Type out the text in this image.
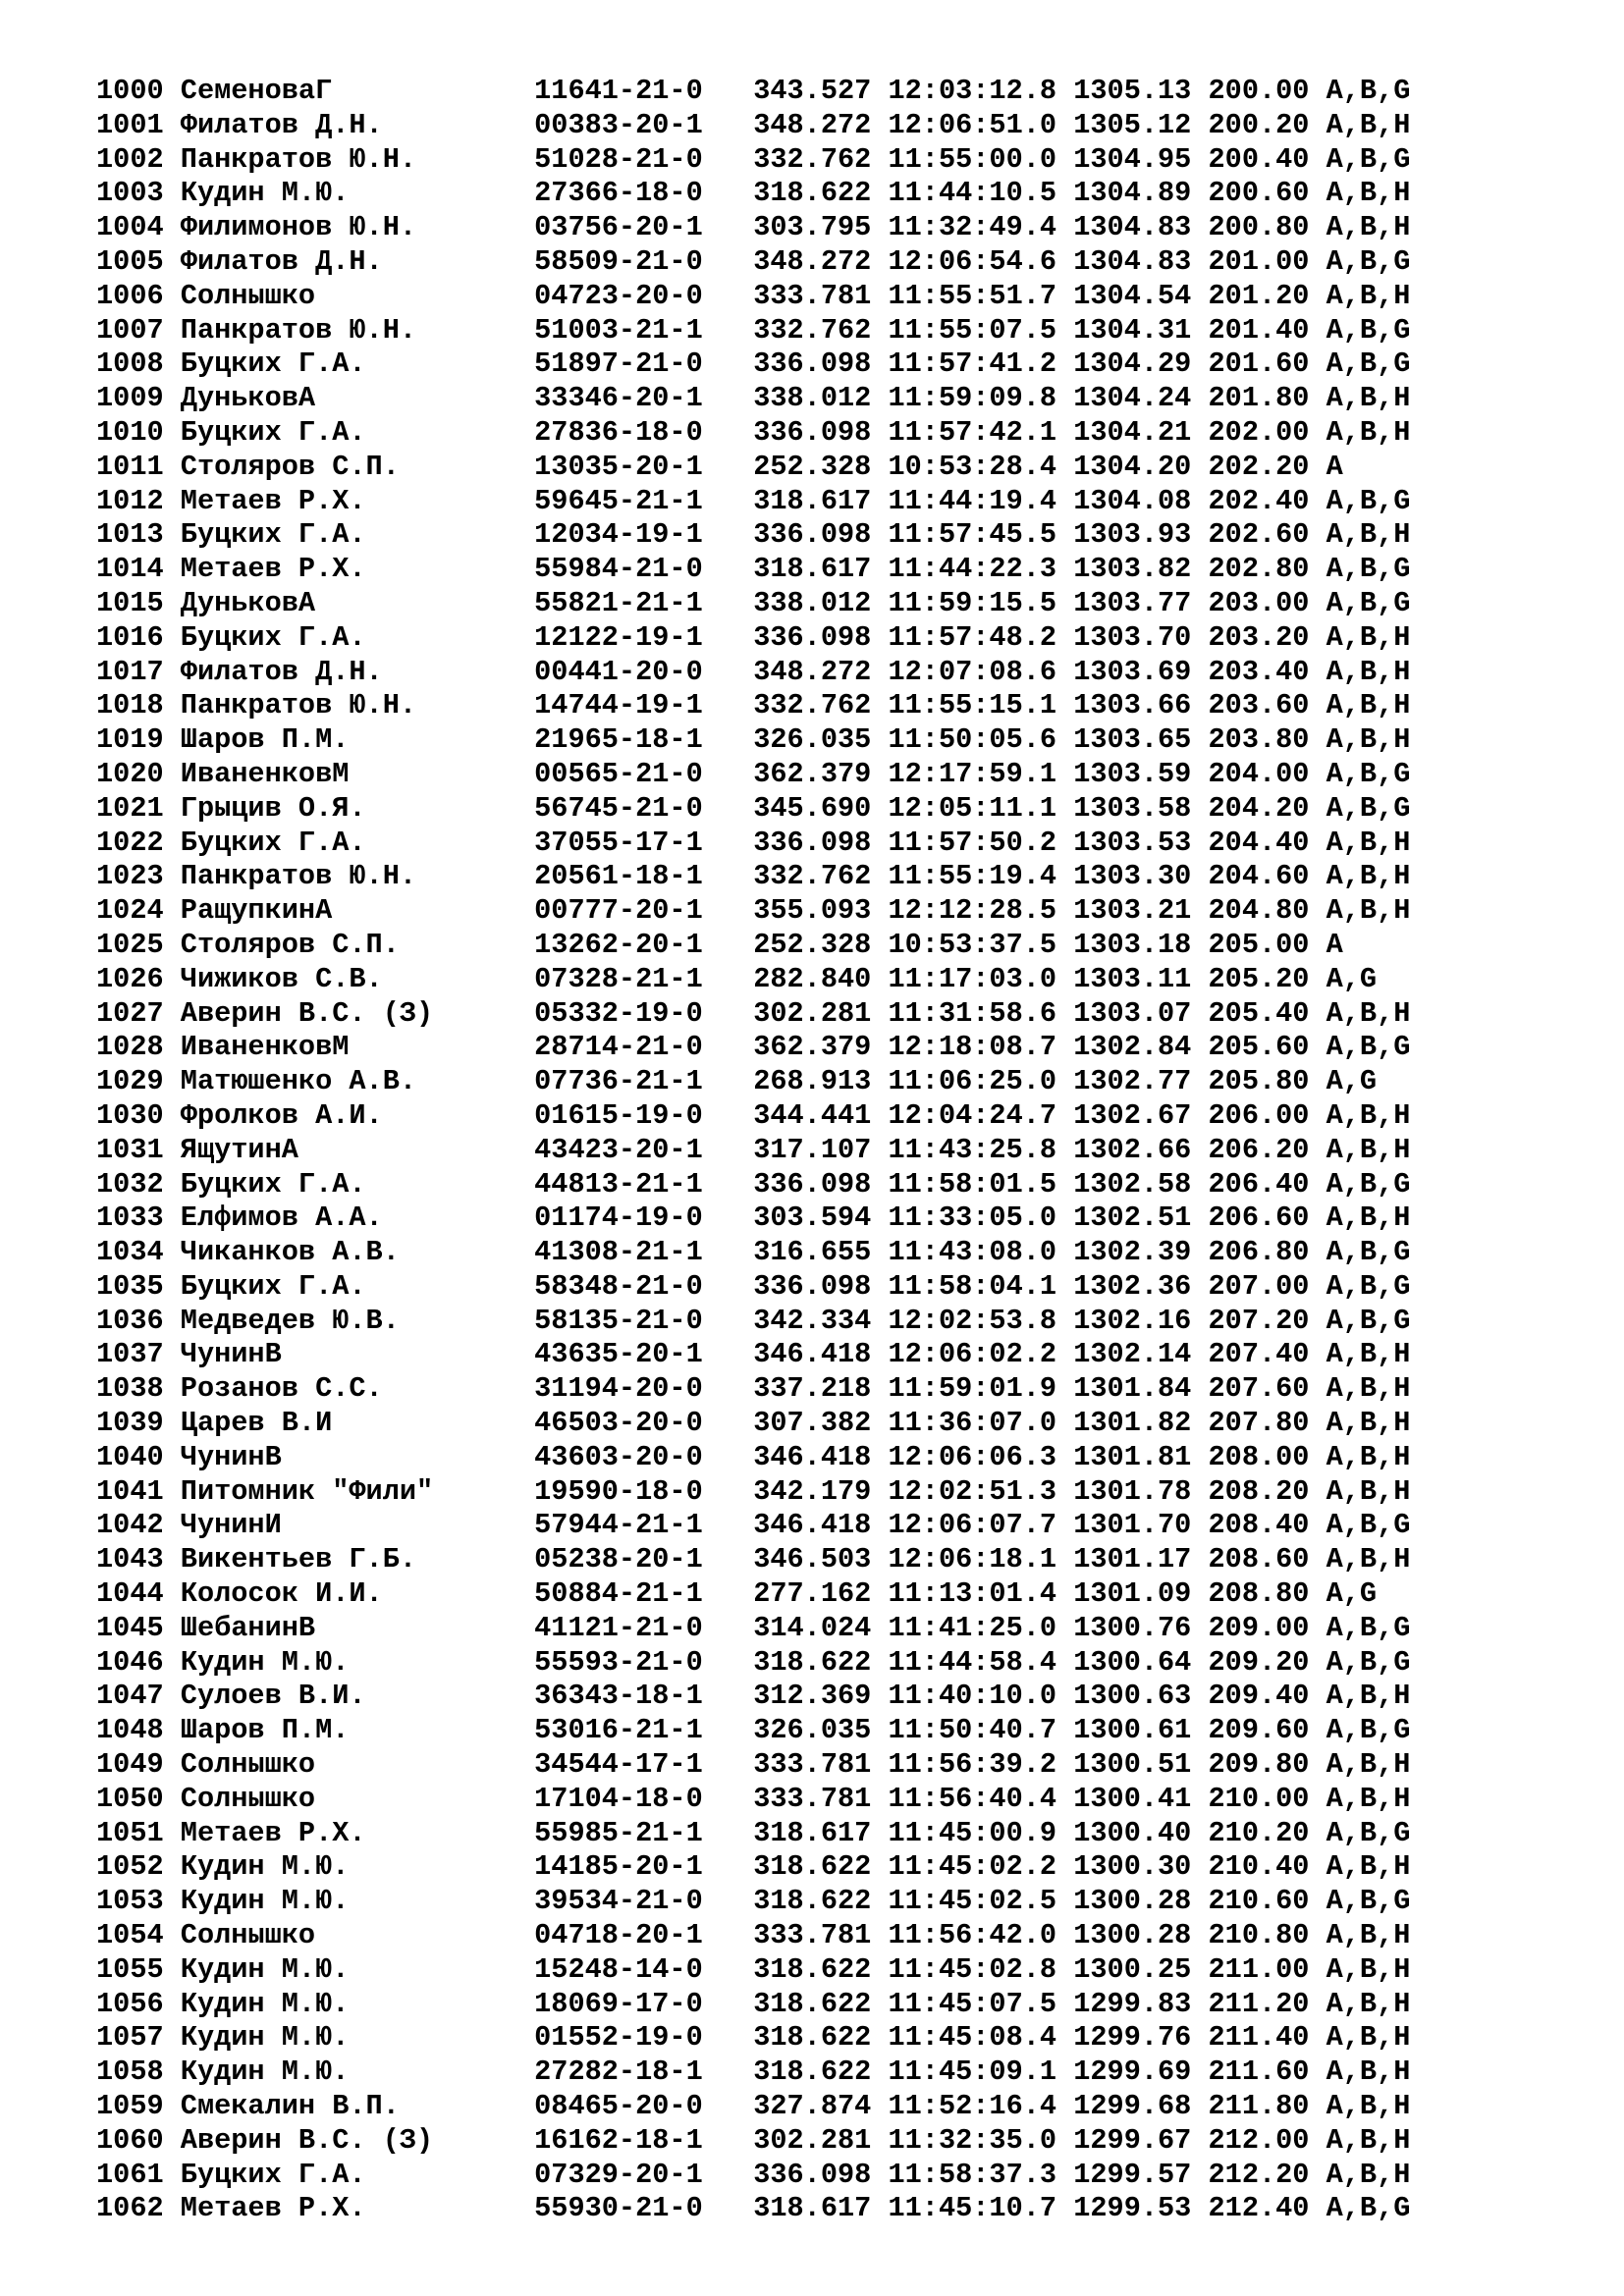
1000 СеменоваГ            11641-21-0   343.527 12:03:12.8 1305.13 200.00 A,B,G
1001 Филатов Д.Н.         00383-20-1   348.272 12:06:51.0 1305.12 200.20 A,B,H
1002 Панкратов Ю.Н.       51028-21-0   332.762 11:55:00.0 1304.95 200.40 A,B,G
1003 Кудин М.Ю.           27366-18-0   318.622 11:44:10.5 1304.89 200.60 A,B,H
1004 Филимонов Ю.Н.       03756-20-1   303.795 11:32:49.4 1304.83 200.80 A,B,H
1005 Филатов Д.Н.         58509-21-0   348.272 12:06:54.6 1304.83 201.00 A,B,G
1006 Солнышко             04723-20-0   333.781 11:55:51.7 1304.54 201.20 A,B,H
1007 Панкратов Ю.Н.       51003-21-1   332.762 11:55:07.5 1304.31 201.40 A,B,G
1008 Буцких Г.А.          51897-21-0   336.098 11:57:41.2 1304.29 201.60 A,B,G
1009 ДуньковА             33346-20-1   338.012 11:59:09.8 1304.24 201.80 A,B,H
1010 Буцких Г.А.          27836-18-0   336.098 11:57:42.1 1304.21 202.00 A,B,H
1011 Столяров С.П.        13035-20-1   252.328 10:53:28.4 1304.20 202.20 A
1012 Метаев Р.Х.          59645-21-1   318.617 11:44:19.4 1304.08 202.40 A,B,G
1013 Буцких Г.А.          12034-19-1   336.098 11:57:45.5 1303.93 202.60 A,B,H
1014 Метаев Р.Х.          55984-21-0   318.617 11:44:22.3 1303.82 202.80 A,B,G
1015 ДуньковА             55821-21-1   338.012 11:59:15.5 1303.77 203.00 A,B,G
1016 Буцких Г.А.          12122-19-1   336.098 11:57:48.2 1303.70 203.20 A,B,H
1017 Филатов Д.Н.         00441-20-0   348.272 12:07:08.6 1303.69 203.40 A,B,H
1018 Панкратов Ю.Н.       14744-19-1   332.762 11:55:15.1 1303.66 203.60 A,B,H
1019 Шаров П.М.           21965-18-1   326.035 11:50:05.6 1303.65 203.80 A,B,H
1020 ИваненковМ           00565-21-0   362.379 12:17:59.1 1303.59 204.00 A,B,G
1021 Грыцив О.Я.          56745-21-0   345.690 12:05:11.1 1303.58 204.20 A,B,G
1022 Буцких Г.А.          37055-17-1   336.098 11:57:50.2 1303.53 204.40 A,B,H
1023 Панкратов Ю.Н.       20561-18-1   332.762 11:55:19.4 1303.30 204.60 A,B,H
1024 РащупкинА            00777-20-1   355.093 12:12:28.5 1303.21 204.80 A,B,H
1025 Столяров С.П.        13262-20-1   252.328 10:53:37.5 1303.18 205.00 A
1026 Чижиков С.В.         07328-21-1   282.840 11:17:03.0 1303.11 205.20 A,G
1027 Аверин В.С. (З)      05332-19-0   302.281 11:31:58.6 1303.07 205.40 A,B,H
1028 ИваненковМ           28714-21-0   362.379 12:18:08.7 1302.84 205.60 A,B,G
1029 Матюшенко А.В.       07736-21-1   268.913 11:06:25.0 1302.77 205.80 A,G
1030 Фролков А.И.         01615-19-0   344.441 12:04:24.7 1302.67 206.00 A,B,H
1031 ЯщутинА              43423-20-1   317.107 11:43:25.8 1302.66 206.20 A,B,H
1032 Буцких Г.А.          44813-21-1   336.098 11:58:01.5 1302.58 206.40 A,B,G
1033 Елфимов А.А.         01174-19-0   303.594 11:33:05.0 1302.51 206.60 A,B,H
1034 Чиканков А.В.        41308-21-1   316.655 11:43:08.0 1302.39 206.80 A,B,G
1035 Буцких Г.А.          58348-21-0   336.098 11:58:04.1 1302.36 207.00 A,B,G
1036 Медведев Ю.В.        58135-21-0   342.334 12:02:53.8 1302.16 207.20 A,B,G
1037 ЧунинВ               43635-20-1   346.418 12:06:02.2 1302.14 207.40 A,B,H
1038 Розанов С.С.         31194-20-0   337.218 11:59:01.9 1301.84 207.60 A,B,H
1039 Царев В.И            46503-20-0   307.382 11:36:07.0 1301.82 207.80 A,B,H
1040 ЧунинВ               43603-20-0   346.418 12:06:06.3 1301.81 208.00 A,B,H
1041 Питомник "Фили"      19590-18-0   342.179 12:02:51.3 1301.78 208.20 A,B,H
1042 ЧунинИ               57944-21-1   346.418 12:06:07.7 1301.70 208.40 A,B,G
1043 Викентьев Г.Б.       05238-20-1   346.503 12:06:18.1 1301.17 208.60 A,B,H
1044 Колосок И.И.         50884-21-1   277.162 11:13:01.4 1301.09 208.80 A,G
1045 ШебанинВ             41121-21-0   314.024 11:41:25.0 1300.76 209.00 A,B,G
1046 Кудин М.Ю.           55593-21-0   318.622 11:44:58.4 1300.64 209.20 A,B,G
1047 Сулоев В.И.          36343-18-1   312.369 11:40:10.0 1300.63 209.40 A,B,H
1048 Шаров П.М.           53016-21-1   326.035 11:50:40.7 1300.61 209.60 A,B,G
1049 Солнышко             34544-17-1   333.781 11:56:39.2 1300.51 209.80 A,B,H
1050 Солнышко             17104-18-0   333.781 11:56:40.4 1300.41 210.00 A,B,H
1051 Метаев Р.Х.          55985-21-1   318.617 11:45:00.9 1300.40 210.20 A,B,G
1052 Кудин М.Ю.           14185-20-1   318.622 11:45:02.2 1300.30 210.40 A,B,H
1053 Кудин М.Ю.           39534-21-0   318.622 11:45:02.5 1300.28 210.60 A,B,G
1054 Солнышко             04718-20-1   333.781 11:56:42.0 1300.28 210.80 A,B,H
1055 Кудин М.Ю.           15248-14-0   318.622 11:45:02.8 1300.25 211.00 A,B,H
1056 Кудин М.Ю.           18069-17-0   318.622 11:45:07.5 1299.83 211.20 A,B,H
1057 Кудин М.Ю.           01552-19-0   318.622 11:45:08.4 1299.76 211.40 A,B,H
1058 Кудин М.Ю.           27282-18-1   318.622 11:45:09.1 1299.69 211.60 A,B,H
1059 Смекалин В.П.        08465-20-0   327.874 11:52:16.4 1299.68 211.80 A,B,H
1060 Аверин В.С. (З)      16162-18-1   302.281 11:32:35.0 1299.67 212.00 A,B,H
1061 Буцких Г.А.          07329-20-1   336.098 11:58:37.3 1299.57 212.20 A,B,H
1062 Метаев Р.Х.          55930-21-0   318.617 11:45:10.7 1299.53 212.40 A,B,G
